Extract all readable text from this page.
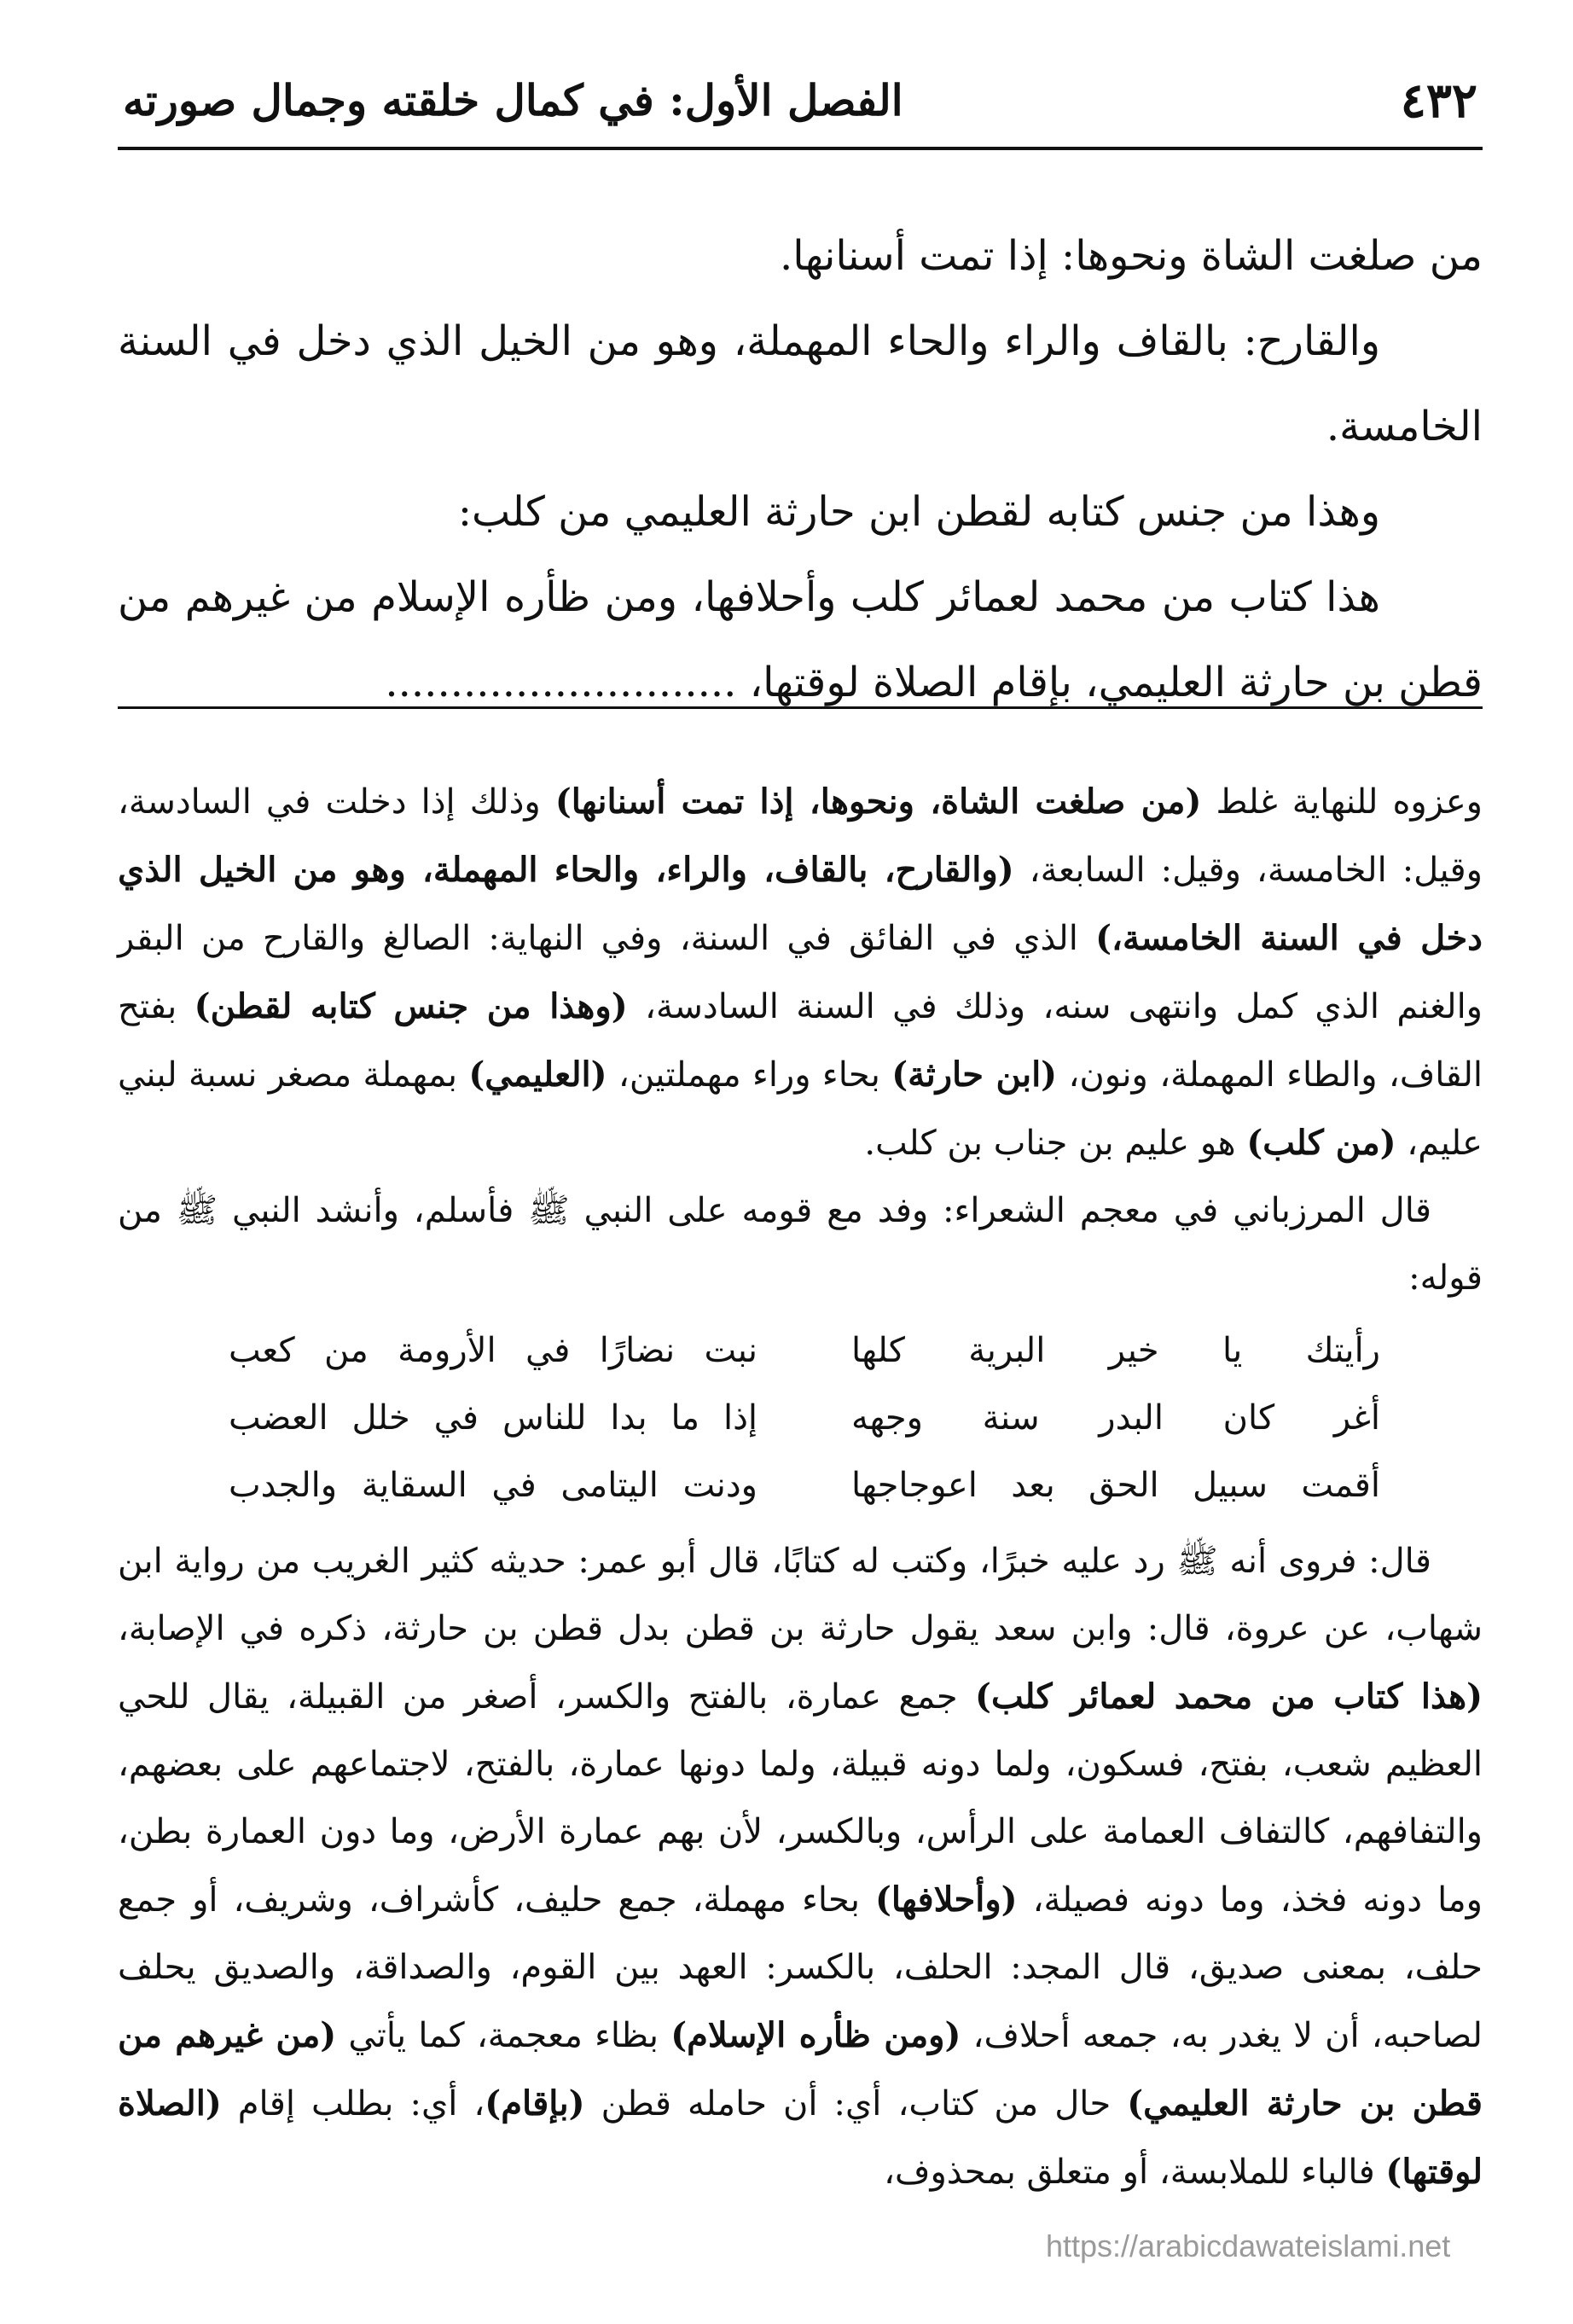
٤٣٢
الفصل الأول: في كمال خلقته وجمال صورته

من صلغت الشاة ونحوها: إذا تمت أسنانها.

والقارح: بالقاف والراء والحاء المهملة، وهو من الخيل الذي دخل في السنة الخامسة.

وهذا من جنس كتابه لقطن ابن حارثة العليمي من كلب:

هذا كتاب من محمد لعمائر كلب وأحلافها، ومن ظأره الإسلام من غيرهم من قطن بن حارثة العليمي، بإقام الصلاة لوقتها، ...........................

وعزوه للنهاية غلط (من صلغت الشاة، ونحوها، إذا تمت أسنانها) وذلك إذا دخلت في السادسة، وقيل: الخامسة، وقيل: السابعة، (والقارح، بالقاف، والراء، والحاء المهملة، وهو من الخيل الذي دخل في السنة الخامسة،) الذي في الفائق في السنة، وفي النهاية: الصالغ والقارح من البقر والغنم الذي كمل وانتهى سنه، وذلك في السنة السادسة، (وهذا من جنس كتابه لقطن) بفتح القاف، والطاء المهملة، ونون، (ابن حارثة) بحاء وراء مهملتين، (العليمي) بمهملة مصغر نسبة لبني عليم، (من كلب) هو عليم بن جناب بن كلب.

قال المرزباني في معجم الشعراء: وفد مع قومه على النبي ﷺ فأسلم، وأنشد النبي ﷺ من قوله:

رأيتك يا خير البرية كلها
نبت نضارًا في الأرومة من كعب
أغر كان البدر سنة وجهه
إذا ما بدا للناس في خلل العضب
أقمت سبيل الحق بعد اعوجاجها
ودنت اليتامى في السقاية والجدب

قال: فروى أنه ﷺ رد عليه خبرًا، وكتب له كتابًا، قال أبو عمر: حديثه كثير الغريب من رواية ابن شهاب، عن عروة، قال: وابن سعد يقول حارثة بن قطن بدل قطن بن حارثة، ذكره في الإصابة، (هذا كتاب من محمد لعمائر كلب) جمع عمارة، بالفتح والكسر، أصغر من القبيلة، يقال للحي العظيم شعب، بفتح، فسكون، ولما دونه قبيلة، ولما دونها عمارة، بالفتح، لاجتماعهم على بعضهم، والتفافهم، كالتفاف العمامة على الرأس، وبالكسر، لأن بهم عمارة الأرض، وما دون العمارة بطن، وما دونه فخذ، وما دونه فصيلة، (وأحلافها) بحاء مهملة، جمع حليف، كأشراف، وشريف، أو جمع حلف، بمعنى صديق، قال المجد: الحلف، بالكسر: العهد بين القوم، والصداقة، والصديق يحلف لصاحبه، أن لا يغدر به، جمعه أحلاف، (ومن ظأره الإسلام) بظاء معجمة، كما يأتي (من غيرهم من قطن بن حارثة العليمي) حال من كتاب، أي: أن حامله قطن (بإقام)، أي: بطلب إقام (الصلاة لوقتها) فالباء للملابسة، أو متعلق بمحذوف،

https://arabicdawateislami.net
